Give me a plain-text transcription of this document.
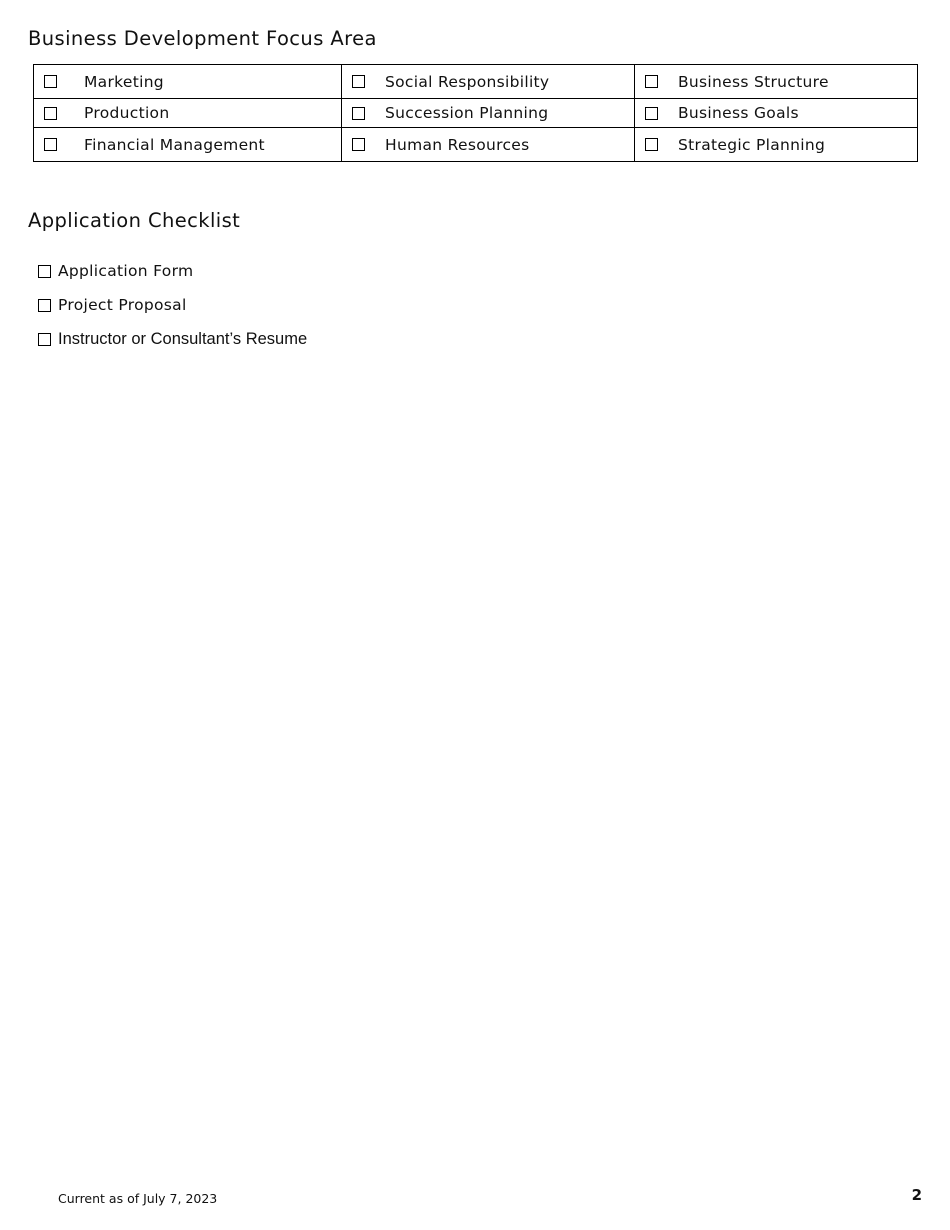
Business Development Focus Area
Marketing	Social Responsibility	Business Structure

Production	Succession Planning	Business Goals

Financial Management	Human Resources	Strategic Planning
Application Checklist
Application Form
Project Proposal
Instructor or Consultant’s Resume
Current as of July 7, 2023	2
